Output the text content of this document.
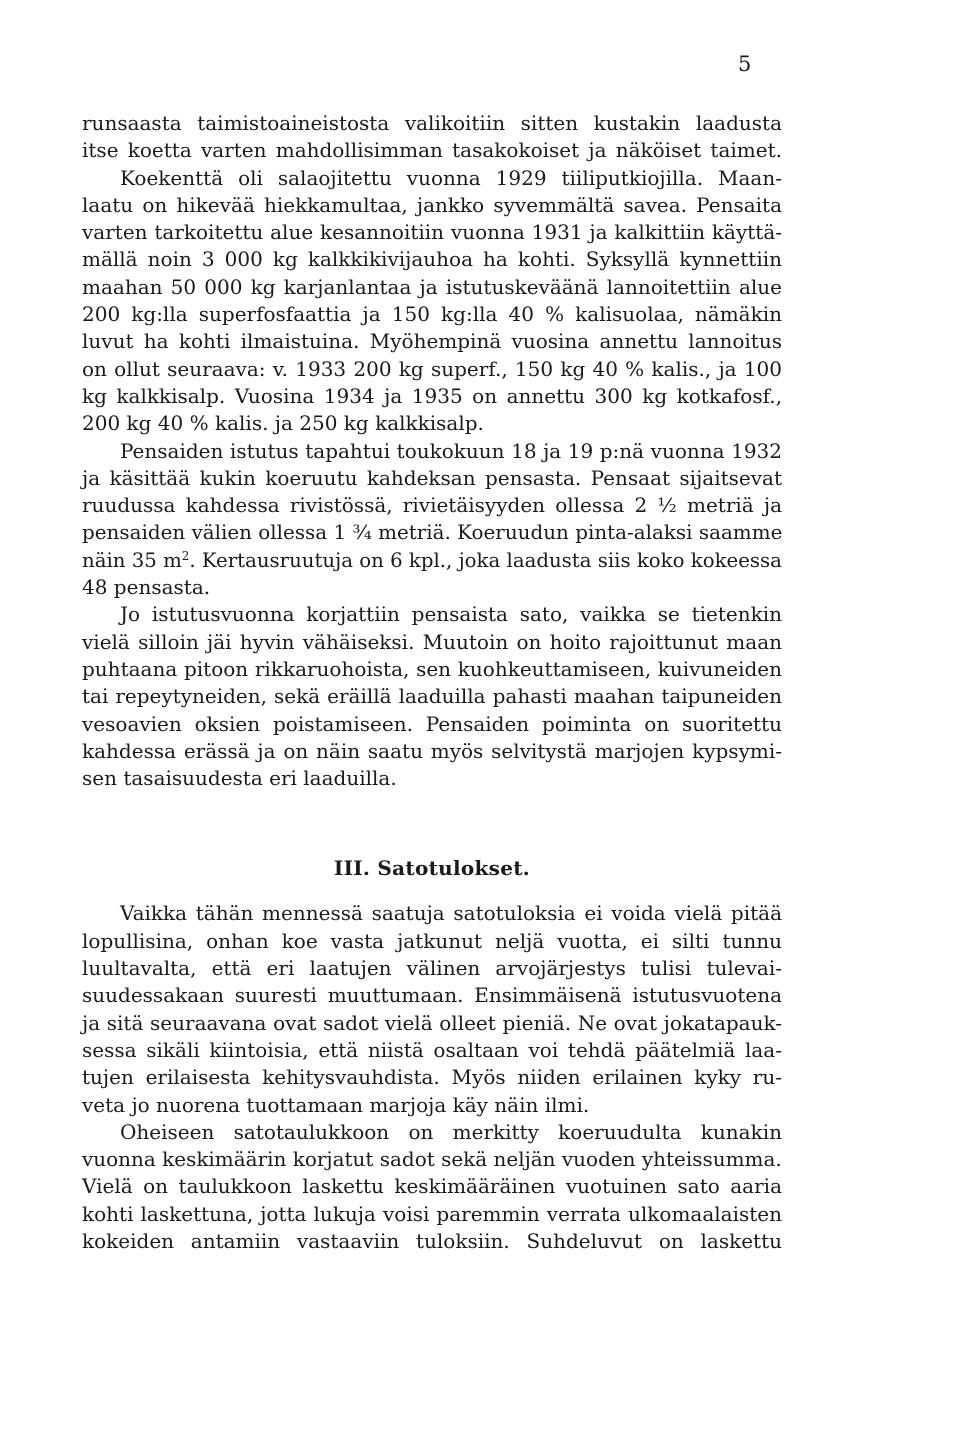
5
runsaasta taimistoaineistosta valikoitiin sitten kustakin laadusta
itse koetta varten mahdollisimman tasakokoiset ja näköiset taimet.
Koekenttä oli salaojitettu vuonna 1929 tiiliputkiojilla. Maan-
laatu on hikevää hiekkamultaa, jankko syvemmältä savea. Pensaita
varten tarkoitettu alue kesannoitiin vuonna 1931 ja kalkittiin käyttä-
mällä noin 3 000 kg kalkkikivijauhoa ha kohti. Syksyllä kynnettiin
maahan 50 000 kg karjanlantaa ja istutuskeväänä lannoitettiin alue
200 kg:lla superfosfaattia ja 150 kg:lla 40 % kalisuolaa, nämäkin
luvut ha kohti ilmaistuina. Myöhempinä vuosina annettu lannoitus
on ollut seuraava: v. 1933 200 kg superf., 150 kg 40 % kalis., ja 100
kg kalkkisalp. Vuosina 1934 ja 1935 on annettu 300 kg kotkafosf.,
200 kg 40 % kalis. ja 250 kg kalkkisalp.
Pensaiden istutus tapahtui toukokuun 18 ja 19 p:nä vuonna 1932
ja käsittää kukin koeruutu kahdeksan pensasta. Pensaat sijaitsevat
ruudussa kahdessa rivistössä, rivietäisyyden ollessa 2 ½ metriä ja
pensaiden välien ollessa 1 ¾ metriä. Koeruudun pinta-alaksi saamme
näin 35 $m^2$. Kertausruutuja on 6 kpl., joka laadusta siis koko kokeessa
48 pensasta.
Jo istutusvuonna korjattiin pensaista sato, vaikka se tietenkin
vielä silloin jäi hyvin vähäiseksi. Muutoin on hoito rajoittunut maan
puhtaana pitoon rikkaruohoista, sen kuohkeuttamiseen, kuivuneiden
tai repeytyneiden, sekä eräillä laaduilla pahasti maahan taipuneiden
vesoavien oksien poistamiseen. Pensaiden poiminta on suoritettu
kahdessa erässä ja on näin saatu myös selvitystä marjojen kypsymi-
sen tasaisuudesta eri laaduilla.
III. Satotulokset.
Vaikka tähän mennessä saatuja satotuloksia ei voida vielä pitää
lopullisina, onhan koe vasta jatkunut neljä vuotta, ei silti tunnu
luultavalta, että eri laatujen välinen arvojärjestys tulisi tulevai-
suudessakaan suuresti muuttumaan. Ensimmäisenä istutusvuotena
ja sitä seuraavana ovat sadot vielä olleet pieniä. Ne ovat jokatapauk-
sessa sikäli kiintoisia, että niistä osaltaan voi tehdä päätelmiä laa-
tujen erilaisesta kehitysvauhdista. Myös niiden erilainen kyky ru-
veta jo nuorena tuottamaan marjoja käy näin ilmi.
Oheiseen satotaulukkoon on merkitty koeruudulta kunakin
vuonna keskimäärin korjatut sadot sekä neljän vuoden yhteissumma.
Vielä on taulukkoon laskettu keskimääräinen vuotuinen sato aaria
kohti laskettuna, jotta lukuja voisi paremmin verrata ulkomaalaisten
kokeiden antamiin vastaaviin tuloksiin. Suhdeluvut on laskettu
